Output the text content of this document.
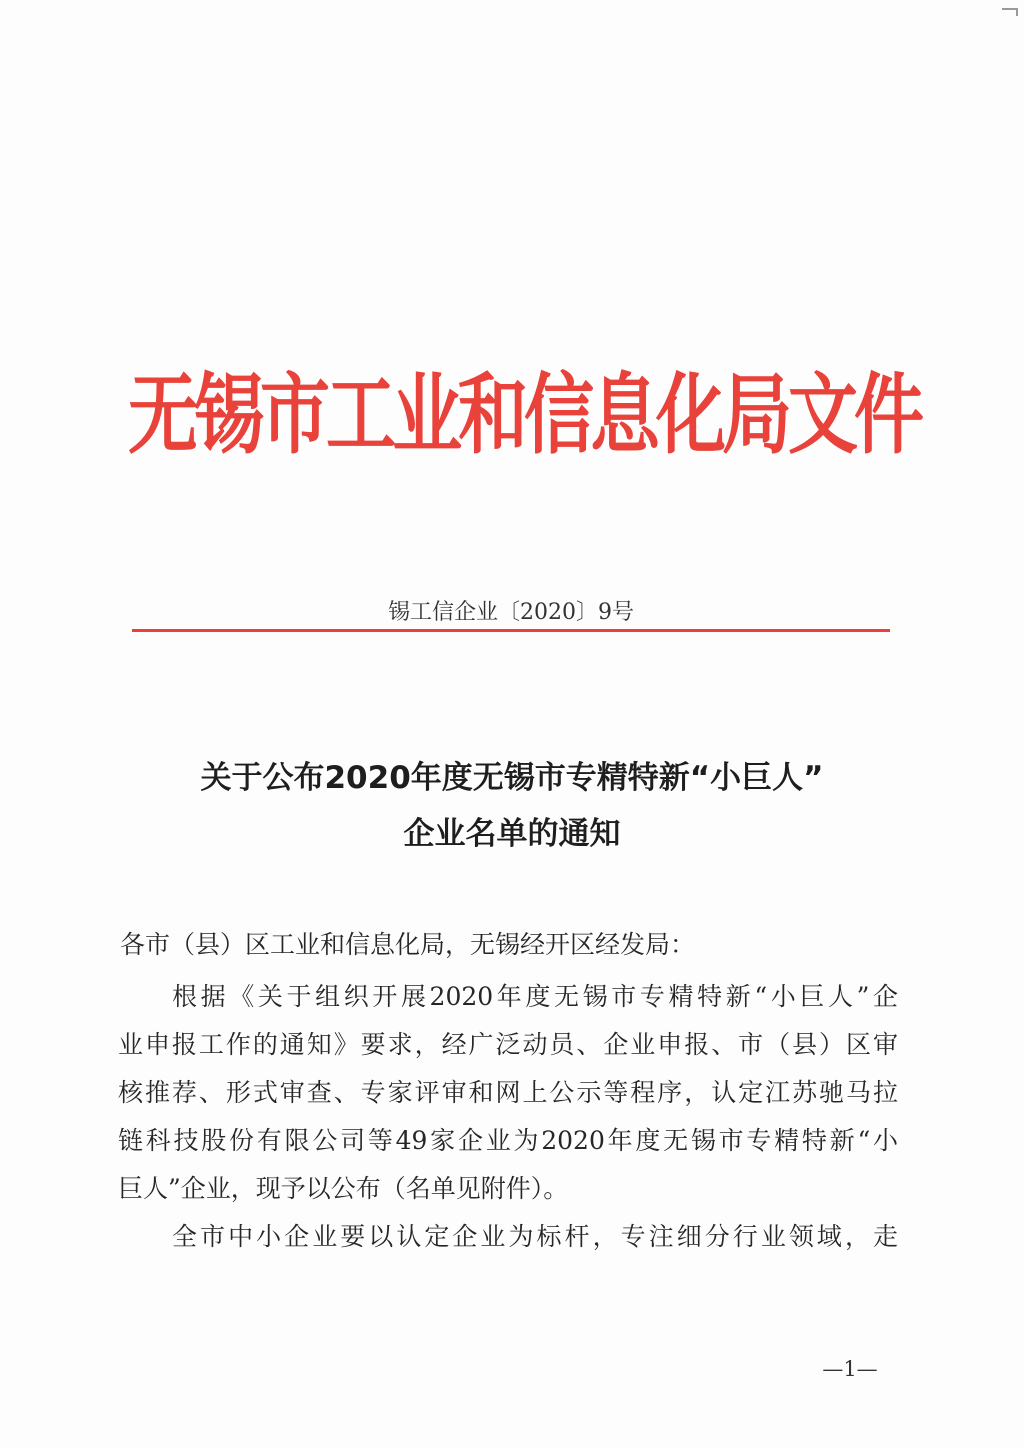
无锡市工业和信息化局文件
锡工信企业〔2020〕9号
关于公布2020年度无锡市专精特新“小巨人”
企业名单的通知
各市（县）区工业和信息化局，无锡经开区经发局：
根据《关于组织开展2020年度无锡市专精特新“小巨人”企
业申报工作的通知》要求，经广泛动员、企业申报、市（县）区审
核推荐、形式审查、专家评审和网上公示等程序，认定江苏驰马拉
链科技股份有限公司等49家企业为2020年度无锡市专精特新“小
巨人”企业，现予以公布（名单见附件）。
全市中小企业要以认定企业为标杆，专注细分行业领域，走
—1—
